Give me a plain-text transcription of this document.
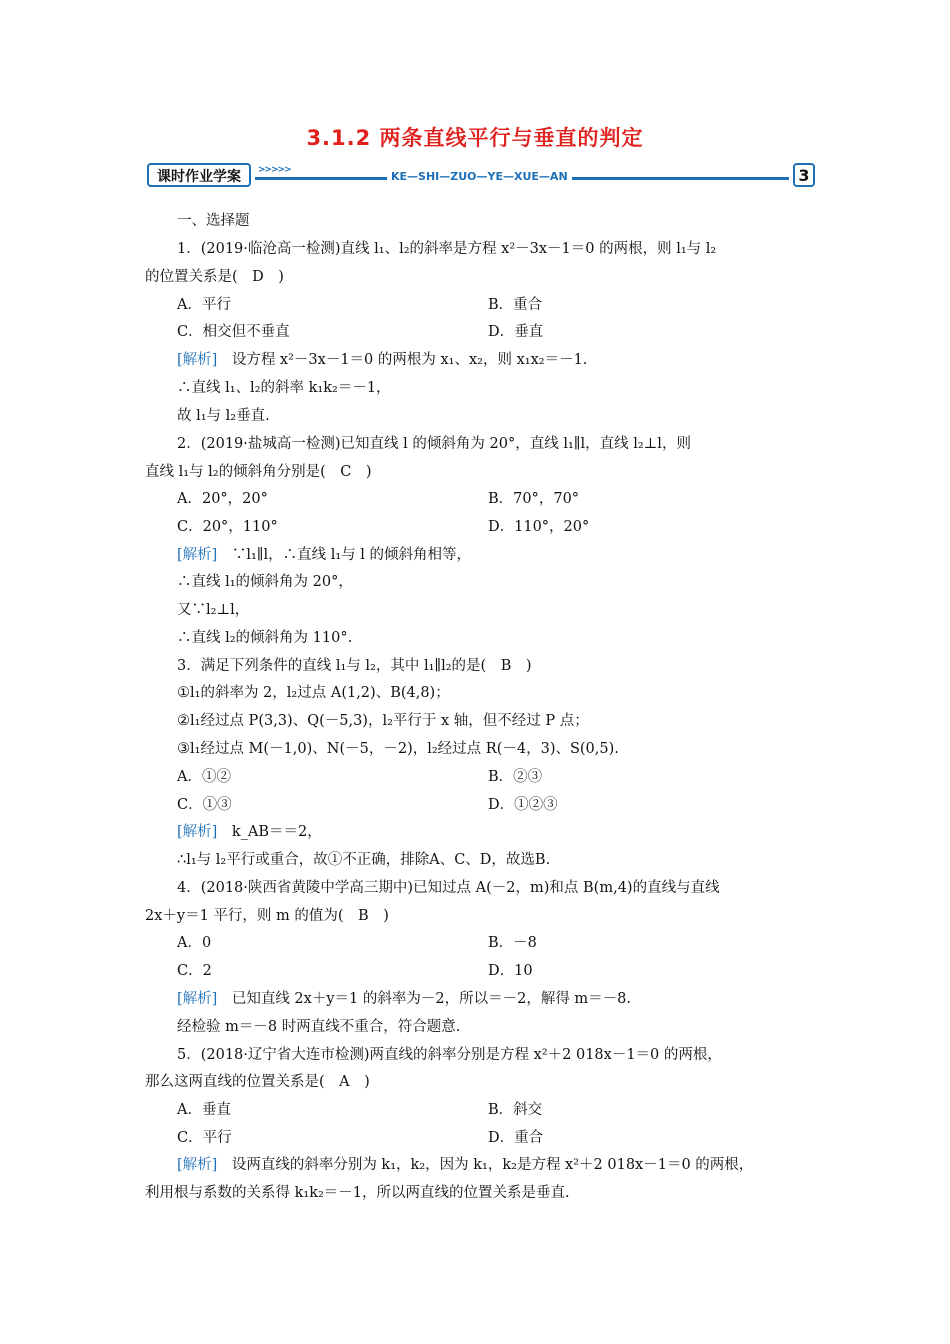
3.1.2 两条直线平行与垂直的判定
课时作业学案	>>>>>	KE—SHI—ZUO—YE—XUE—AN	3
一、选择题
1．(2019·临沧高一检测)直线 l₁、l₂的斜率是方程 x²－3x－1＝0 的两根，则 l₁与 l₂
的位置关系是(　D　)
A．平行	B．重合
C．相交但不垂直	D．垂直
[解析]　设方程 x²－3x－1＝0 的两根为 x₁、x₂，则 x₁x₂＝－1.
∴直线 l₁、l₂的斜率 k₁k₂＝－1，
故 l₁与 l₂垂直.
2．(2019·盐城高一检测)已知直线 l 的倾斜角为 20°，直线 l₁∥l，直线 l₂⊥l，则
直线 l₁与 l₂的倾斜角分别是(　C　)
A．20°，20°	B．70°，70°
C．20°，110°	D．110°，20°
[解析]　∵l₁∥l，∴直线 l₁与 l 的倾斜角相等，
∴直线 l₁的倾斜角为 20°，
又∵l₂⊥l，
∴直线 l₂的倾斜角为 110°.
3．满足下列条件的直线 l₁与 l₂，其中 l₁∥l₂的是(　B　)
①l₁的斜率为 2，l₂过点 A(1,2)、B(4,8)；
②l₁经过点 P(3,3)、Q(－5,3)，l₂平行于 x 轴，但不经过 P 点；
③l₁经过点 M(－1,0)、N(－5，－2)，l₂经过点 R(－4，3)、S(0,5).
A．①②	B．②③
C．①③	D．①②③
[解析]　k_AB＝＝2，
∴l₁与 l₂平行或重合，故①不正确，排除A、C、D，故选B.
4．(2018·陕西省黄陵中学高三期中)已知过点 A(－2，m)和点 B(m,4)的直线与直线
2x＋y＝1 平行，则 m 的值为(　B　)
A．0	B．－8
C．2	D．10
[解析]　已知直线 2x＋y＝1 的斜率为－2，所以＝－2，解得 m＝－8.
经检验 m＝－8 时两直线不重合，符合题意.
5．(2018·辽宁省大连市检测)两直线的斜率分别是方程 x²＋2 018x－1＝0 的两根，
那么这两直线的位置关系是(　A　)
A．垂直	B．斜交
C．平行	D．重合
[解析]　设两直线的斜率分别为 k₁，k₂，因为 k₁，k₂是方程 x²＋2 018x－1＝0 的两根，
利用根与系数的关系得 k₁k₂＝－1，所以两直线的位置关系是垂直.
